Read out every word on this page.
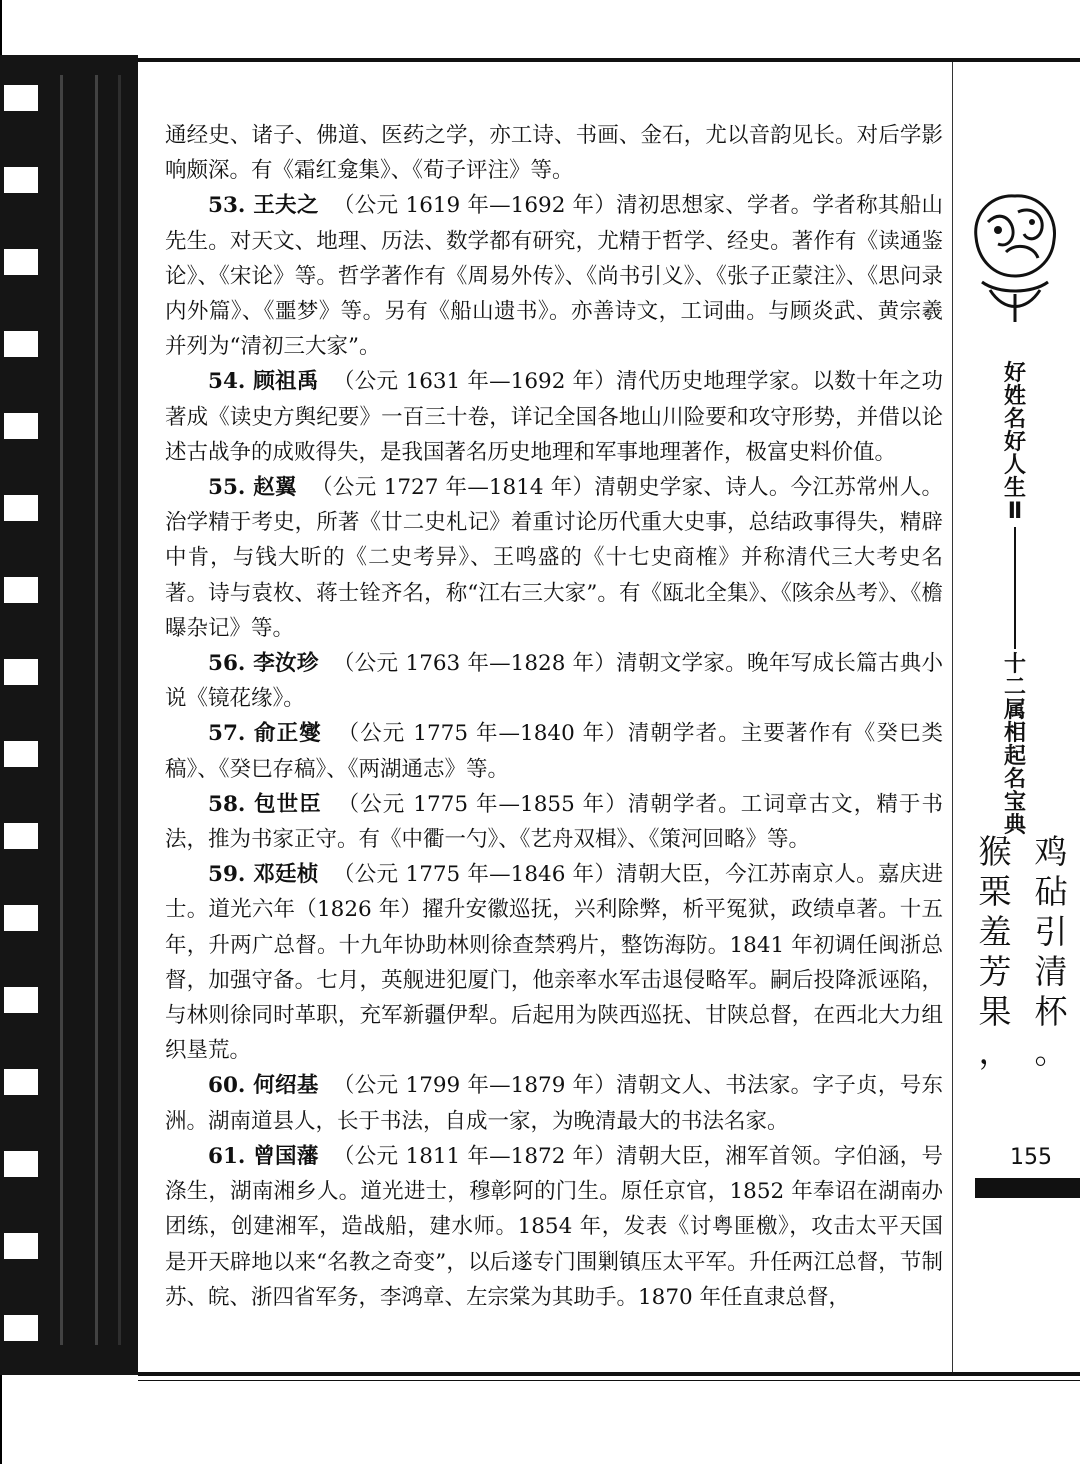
通经史、诸子、佛道、医药之学，亦工诗、书画、金石，尤以音韵见长。对后学影响颇深。有《霜红龛集》、《荀子评注》等。

53. 王夫之 （公元 1619 年—1692 年）清初思想家、学者。学者称其船山先生。对天文、地理、历法、数学都有研究，尤精于哲学、经史。著作有《读通鉴论》、《宋论》等。哲学著作有《周易外传》、《尚书引义》、《张子正蒙注》、《思问录内外篇》、《噩梦》等。另有《船山遗书》。亦善诗文，工词曲。与顾炎武、黄宗羲并列为“清初三大家”。

54. 顾祖禹 （公元 1631 年—1692 年）清代历史地理学家。以数十年之功著成《读史方舆纪要》一百三十卷，详记全国各地山川险要和攻守形势，并借以论述古战争的成败得失，是我国著名历史地理和军事地理著作，极富史料价值。

55. 赵翼 （公元 1727 年—1814 年）清朝史学家、诗人。今江苏常州人。治学精于考史，所著《廿二史札记》着重讨论历代重大史事，总结政事得失，精辟中肯，与钱大昕的《二史考异》、王鸣盛的《十七史商榷》并称清代三大考史名著。诗与袁枚、蒋士铨齐名，称“江右三大家”。有《瓯北全集》、《陔余丛考》、《檐曝杂记》等。

56. 李汝珍 （公元 1763 年—1828 年）清朝文学家。晚年写成长篇古典小说《镜花缘》。

57. 俞正燮 （公元 1775 年—1840 年）清朝学者。主要著作有《癸巳类稿》、《癸巳存稿》、《两湖通志》等。

58. 包世臣 （公元 1775 年—1855 年）清朝学者。工词章古文，精于书法，推为书家正守。有《中衢一勺》、《艺舟双楫》、《策河回略》等。

59. 邓廷桢 （公元 1775 年—1846 年）清朝大臣，今江苏南京人。嘉庆进士。道光六年（1826 年）擢升安徽巡抚，兴利除弊，析平冤狱，政绩卓著。十五年，升两广总督。十九年协助林则徐查禁鸦片，整饬海防。1841 年初调任闽浙总督，加强守备。七月，英舰进犯厦门，他亲率水军击退侵略军。嗣后投降派诬陷，与林则徐同时革职，充军新疆伊犁。后起用为陕西巡抚、甘陕总督，在西北大力组织垦荒。

60. 何绍基 （公元 1799 年—1879 年）清朝文人、书法家。字子贞，号东洲。湖南道县人，长于书法，自成一家，为晚清最大的书法名家。

61. 曾国藩 （公元 1811 年—1872 年）清朝大臣，湘军首领。字伯涵，号涤生，湖南湘乡人。道光进士，穆彰阿的门生。原任京官，1852 年奉诏在湖南办团练，创建湘军，造战船，建水师。1854 年，发表《讨粤匪檄》，攻击太平天国是开天辟地以来“名教之奇变”，以后遂专门围剿镇压太平军。升任两江总督，节制苏、皖、浙四省军务，李鸿章、左宗棠为其助手。1870 年任直隶总督，

好
姓
名
好
人
生
Ⅱ
十
二
属
相
起
名
宝
典
鸡
砧
引
清
杯
。
猴
栗
羞
芳
果
，
155
